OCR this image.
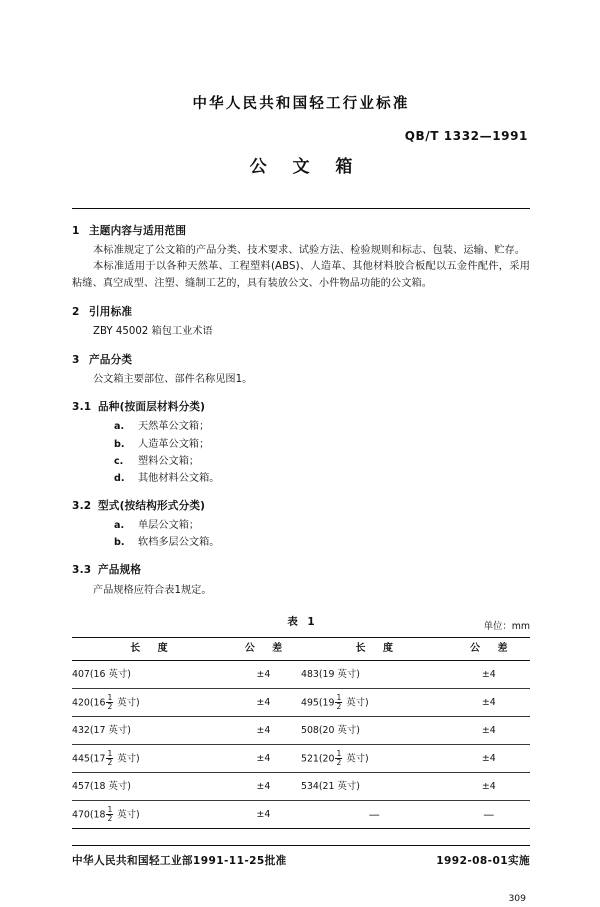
中华人民共和国轻工行业标准
QB/T 1332—1991
公 文 箱
1 主题内容与适用范围

本标准规定了公文箱的产品分类、技术要求、试验方法、检验规则和标志、包装、运输、贮存。

本标准适用于以各种天然革、工程塑料(ABS)、人造革、其他材料胶合板配以五金件配件，采用粘缝、真空成型、注塑、缝制工艺的，具有装放公文、小件物品功能的公文箱。

2 引用标准

ZBY 45002 箱包工业术语

3 产品分类

公文箱主要部位、部件名称见图1。

3.1 品种(按面层材料分类)
a. 天然革公文箱；
b. 人造革公文箱；
c. 塑料公文箱；
d. 其他材料公文箱。
3.2 型式(按结构形式分类)
a. 单层公文箱；
b. 软档多层公文箱。
3.3 产品规格

产品规格应符合表1规定。

表 1	单位：mm
长 度	公 差	长 度	公 差
407(16 英寸)	±4	483(19 英寸)	±4
$420(16 \frac{1}{2}$ 英寸)	±4	$495(19 \frac{1}{2}$ 英寸)	±4
432(17 英寸)	±4	508(20 英寸)	±4
$445(17 \frac{1}{2}$ 英寸)	±4	$521(20 \frac{1}{2}$ 英寸)	±4
457(18 英寸)	±4	534(21 英寸)	±4
$470(18 \frac{1}{2}$ 英寸)	±4	—	—
中华人民共和国轻工业部1991-11-25批准	1992-08-01实施
309
